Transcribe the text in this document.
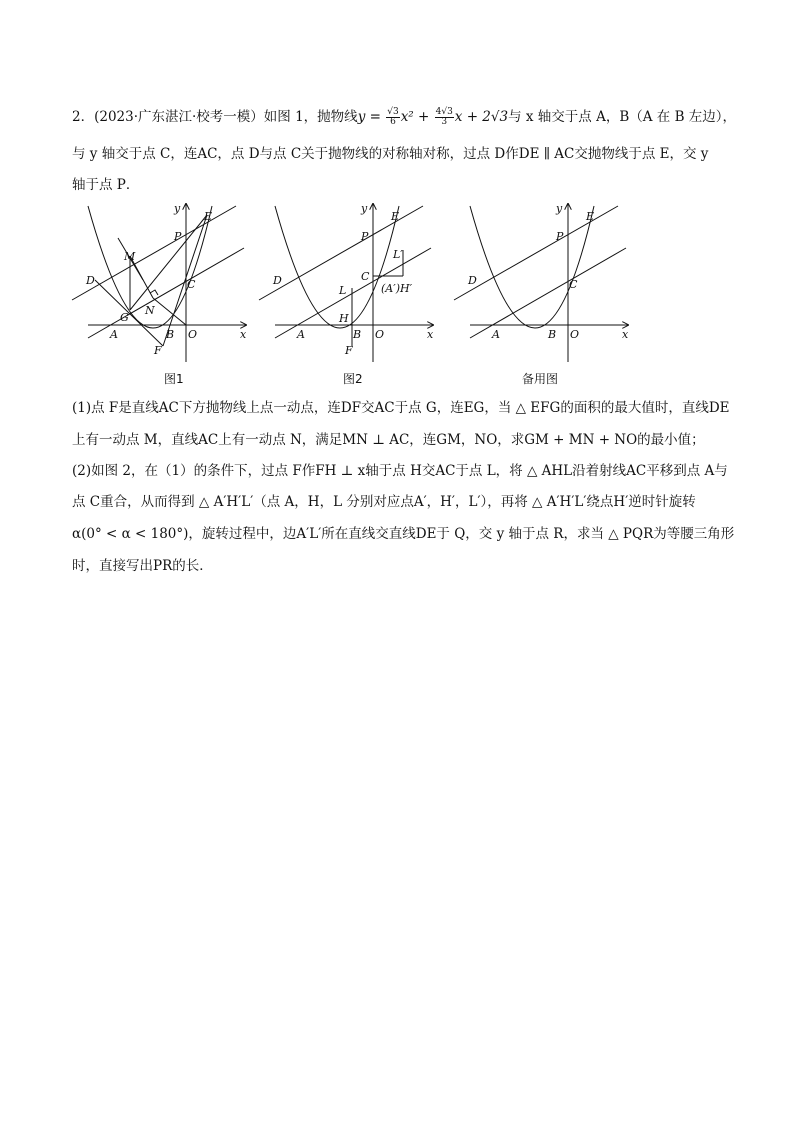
2．(2023·广东湛江·校考一模）如图 1，抛物线$y = \frac{√3}{6} x^2 + \frac{4√3}{3}$ x + 2√3与 x 轴交于点 A，B（A 在 B 左边），
与 y 轴交于点 C，连AC，点 D与点 C关于抛物线的对称轴对称，过点 D作DE ∥ AC交抛物线于点 E，交 y
轴于点 P．
y
x
E
P
M
D	C
G
N
A	B O
F
y
x
E
P
D
L′
C
(A′)H′
L
H
A	B O
F
y
x
E
P
D	C
A	B O
图1	图2	备用图
(1)点 F是直线AC下方抛物线上点一动点，连DF交AC于点 G，连EG，当 △ EFG的面积的最大值时，直线DE
上有一动点 M，直线AC上有一动点 N，满足MN ⊥ AC，连GM，NO，求GM + MN + NO的最小值；
(2)如图 2，在（1）的条件下，过点 F作FH ⊥ x轴于点 H交AC于点 L，将 △ AHL沿着射线AC平移到点 A与
点 C重合，从而得到 △ A′H′L′（点 A，H，L 分别对应点A′，H′，L′），再将 △ A′H′L′绕点H′逆时针旋转
α(0° < α < 180°)，旋转过程中，边A′L′所在直线交直线DE于 Q，交 y 轴于点 R，求当 △ PQR为等腰三角形
时，直接写出PR的长．
